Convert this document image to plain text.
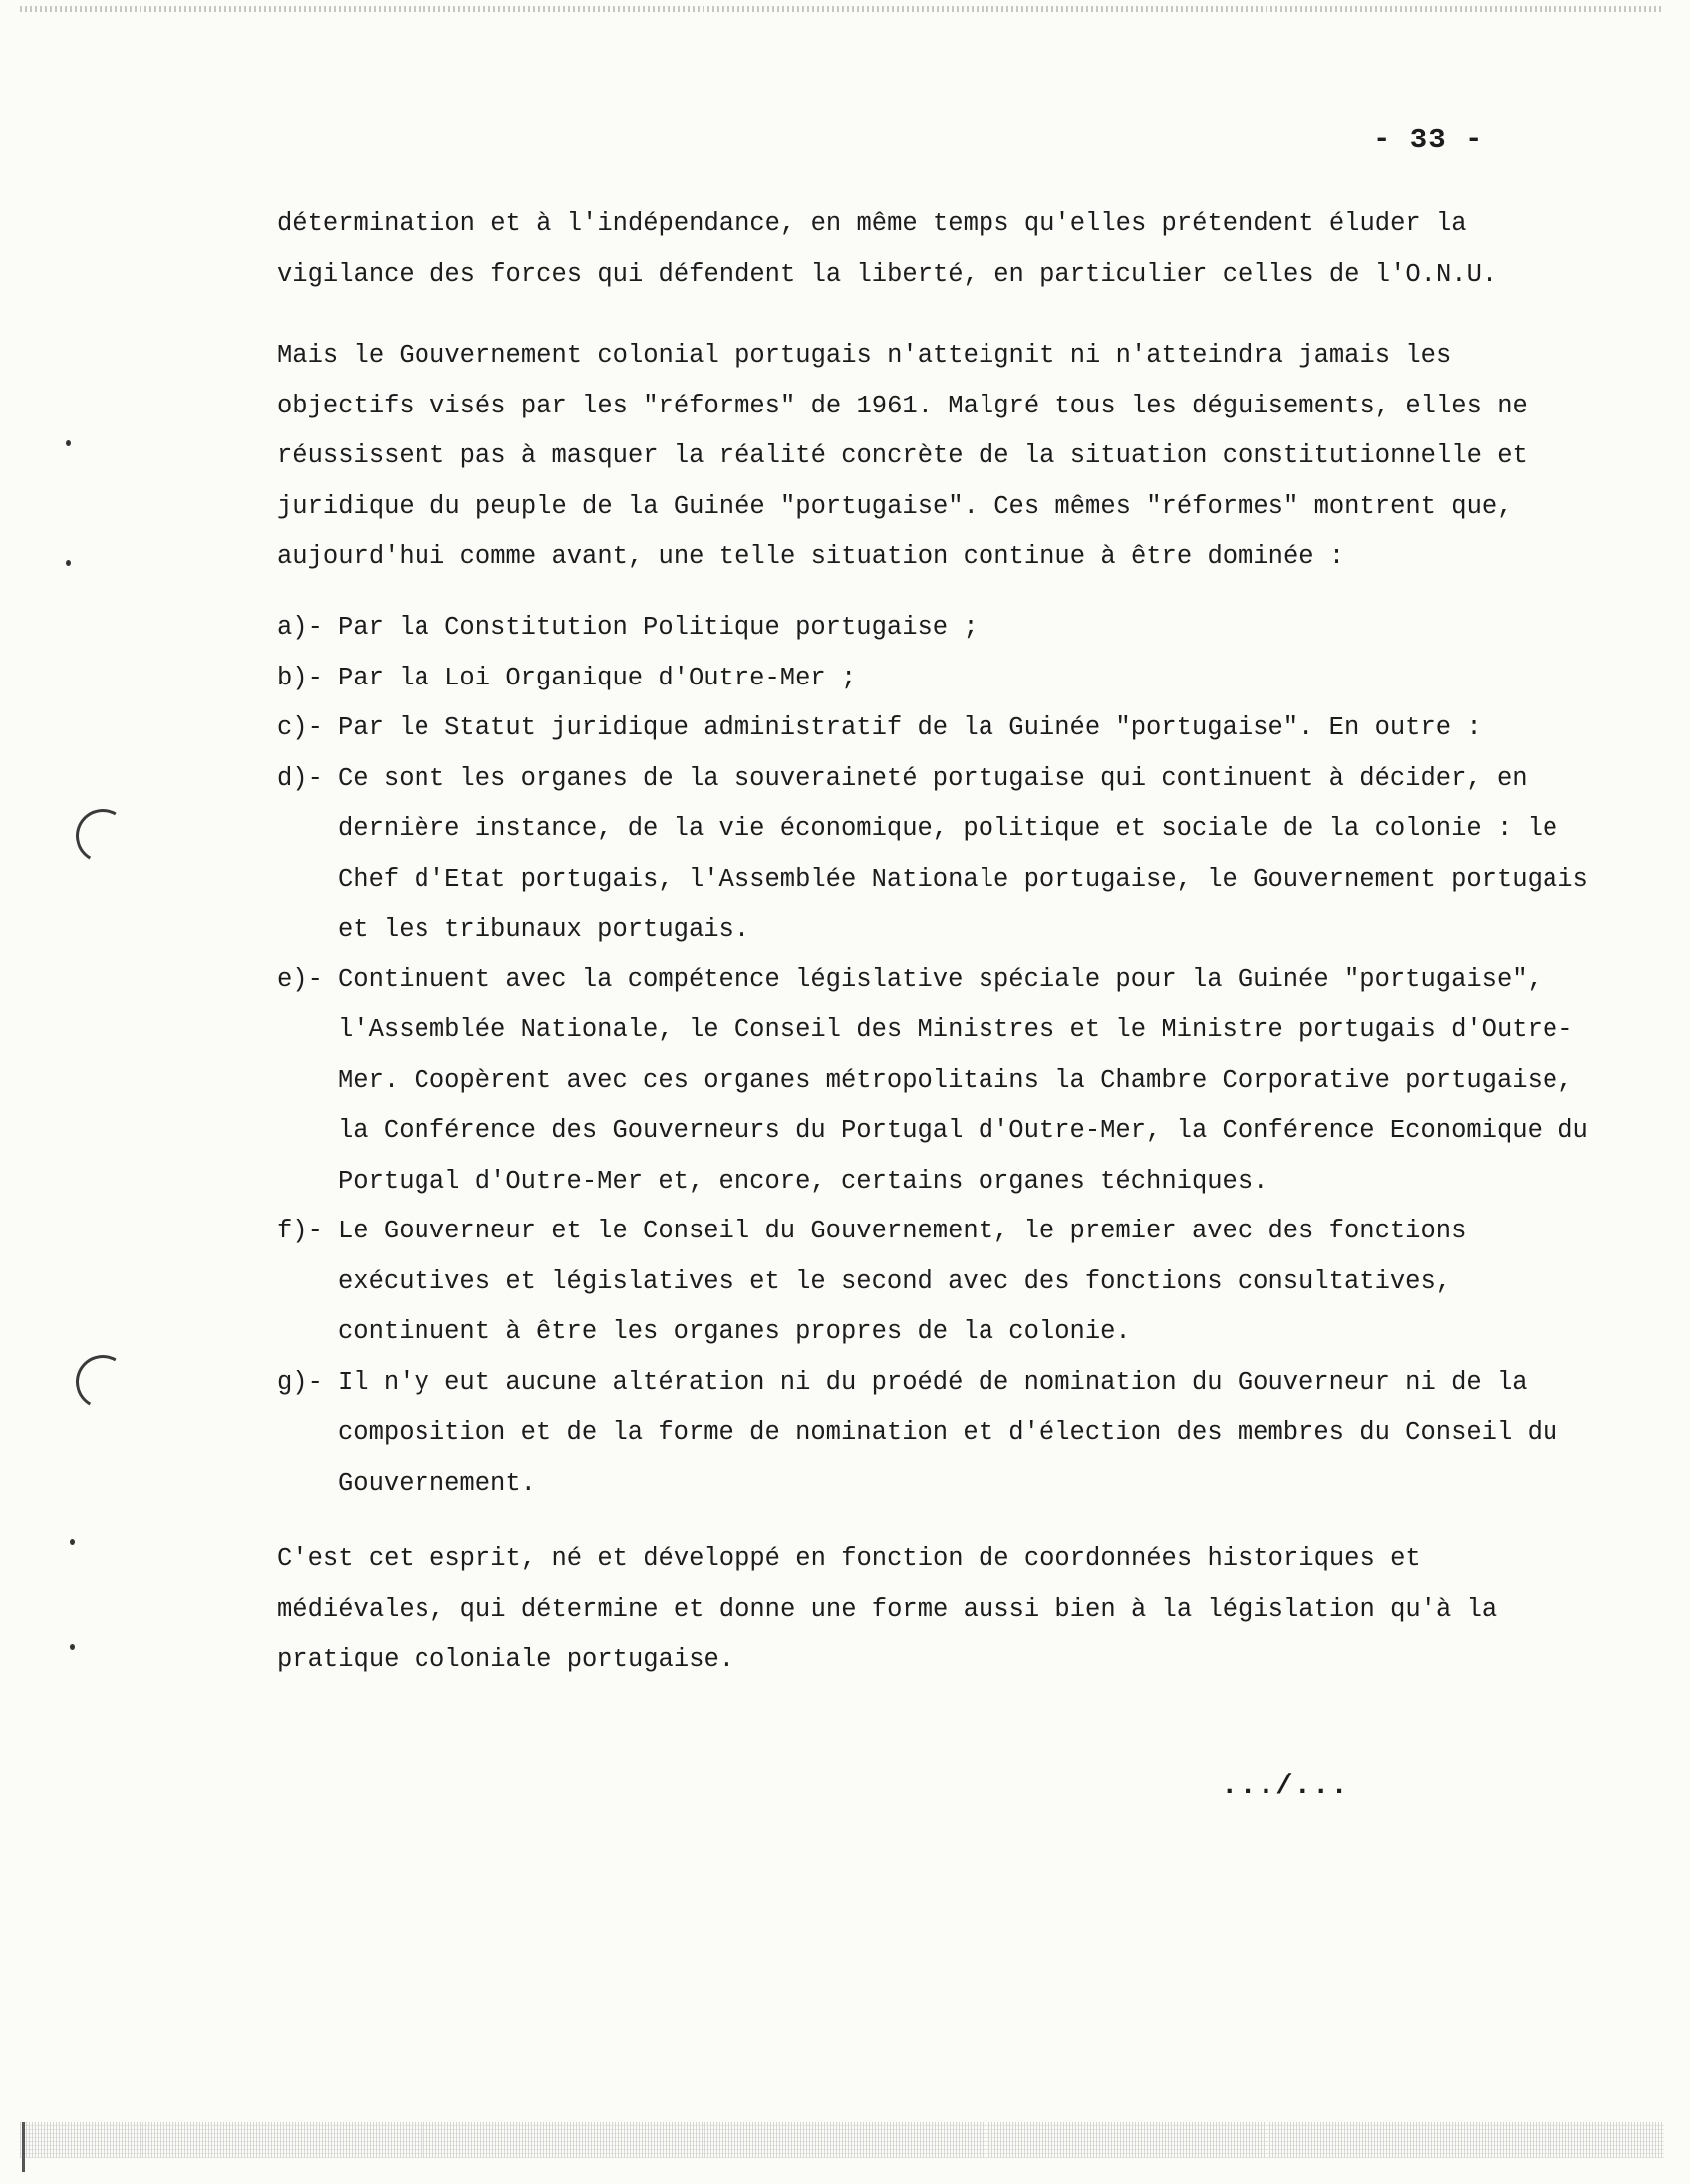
- 33 -

détermination et à l'indépendance, en même temps qu'elles prétendent éluder la vigilance des forces qui défendent la liberté, en particulier celles de l'O.N.U.

Mais le Gouvernement colonial portugais n'atteignit ni n'atteindra jamais les objectifs visés par les "réformes" de 1961. Malgré tous les déguisements, elles ne réussissent pas à masquer la réalité concrète de la situation constitutionnelle et juridique du peuple de la Guinée "portugaise". Ces mêmes "réformes" montrent que, aujourd'hui comme avant, une telle situation continue à être dominée :

a)- Par la Constitution Politique portugaise ;
b)- Par la Loi Organique d'Outre-Mer ;
c)- Par le Statut juridique administratif de la Guinée "portugaise". En outre :
d)- Ce sont les organes de la souveraineté portugaise qui continuent à décider, en dernière instance, de la vie économique, politique et sociale de la colonie : le Chef d'Etat portugais, l'Assemblée Nationale portugaise, le Gouvernement portugais et les tribunaux portugais.
e)- Continuent avec la compétence législative spéciale pour la Guinée "portugaise", l'Assemblée Nationale, le Conseil des Ministres et le Ministre portugais d'Outre-Mer. Coopèrent avec ces organes métropolitains la Chambre Corporative portugaise, la Conférence des Gouverneurs du Portugal d'Outre-Mer, la Conférence Economique du Portugal d'Outre-Mer et, encore, certains organes téchniques.
f)- Le Gouverneur et le Conseil du Gouvernement, le premier avec des fonctions exécutives et législatives et le second avec des fonctions consultatives, continuent à être les organes propres de la colonie.
g)- Il n'y eut aucune altération ni du proédé de nomination du Gouverneur ni de la composition et de la forme de nomination et d'élection des membres du Conseil du Gouvernement.

C'est cet esprit, né et développé en fonction de coordonnées historiques et médiévales, qui détermine et donne une forme aussi bien à la législation qu'à la pratique coloniale portugaise.

.../...
